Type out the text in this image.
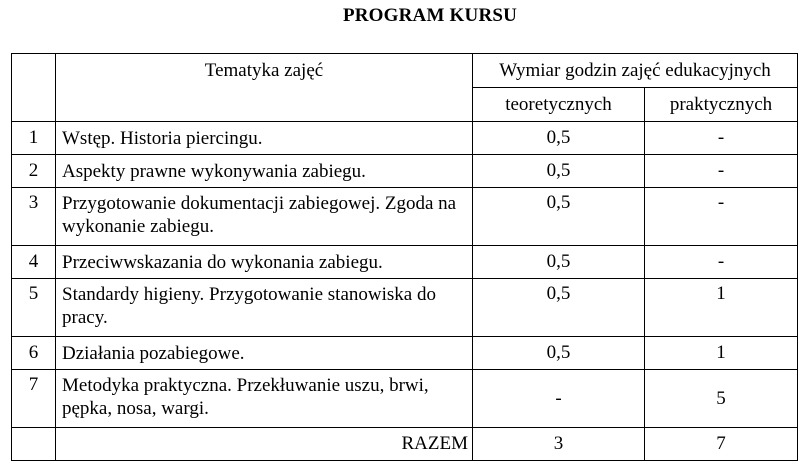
PROGRAM KURSU
	Tematyka zajęć	Wymiar godzin zajęć edukacyjnych	
		teoretycznych	praktycznych
1	Wstęp. Historia piercingu.	0,5	-
2	Aspekty prawne wykonywania zabiegu.	0,5	-
3	Przygotowanie dokumentacji zabiegowej. Zgoda na wykonanie zabiegu.	0,5	-
4	Przeciwwskazania do wykonania zabiegu.	0,5	-
5	Standardy higieny. Przygotowanie stanowiska do pracy.	0,5	1
6	Działania pozabiegowe.	0,5	1
7	Metodyka praktyczna. Przekłuwanie uszu, brwi, pępka, nosa, wargi.	-	5
	RAZEM	3	7
